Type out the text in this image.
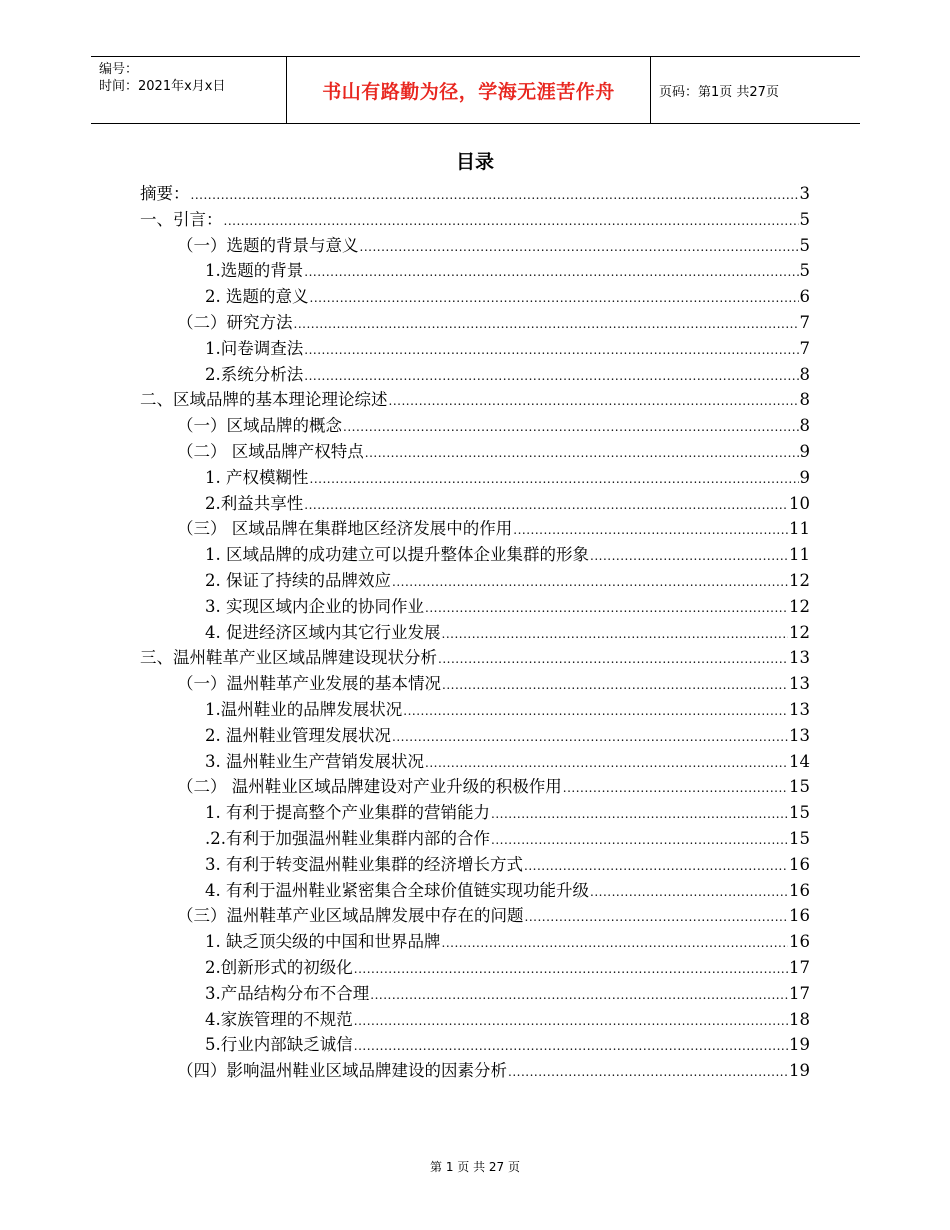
编号：
时间：2021年x月x日	书山有路勤为径，学海无涯苦作舟	页码：第1页 共27页
目录
摘要： .....	3
一、引言： .....	5
（一）选题的背景与意义 .....	5
1.选题的背景 .....	5
2. 选题的意义 .....	6
（二）研究方法 .....	7
1.问卷调查法 .....	7
2.系统分析法 .....	8
二、区域品牌的基本理论理论综述 .....	8
（一）区域品牌的概念 .....	8
（二） 区域品牌产权特点 .....	9
1. 产权模糊性 .....	9
2.利益共享性 .....	10
（三） 区域品牌在集群地区经济发展中的作用 .....	11
1. 区域品牌的成功建立可以提升整体企业集群的形象 .....	11
2. 保证了持续的品牌效应 .....	12
3. 实现区域内企业的协同作业 .....	12
4. 促进经济区域内其它行业发展 .....	12
三、温州鞋革产业区域品牌建设现状分析 .....	13
（一）温州鞋革产业发展的基本情况 .....	13
1.温州鞋业的品牌发展状况 .....	13
2. 温州鞋业管理发展状况 .....	13
3. 温州鞋业生产营销发展状况 .....	14
（二） 温州鞋业区域品牌建设对产业升级的积极作用 .....	15
1. 有利于提高整个产业集群的营销能力 .....	15
.2.有利于加强温州鞋业集群内部的合作 .....	15
3. 有利于转变温州鞋业集群的经济增长方式 .....	16
4. 有利于温州鞋业紧密集合全球价值链实现功能升级 .....	16
（三）温州鞋革产业区域品牌发展中存在的问题 .....	16
1. 缺乏顶尖级的中国和世界品牌 .....	16
2.创新形式的初级化 .....	17
3.产品结构分布不合理 .....	17
4.家族管理的不规范 .....	18
5.行业内部缺乏诚信 .....	19
（四）影响温州鞋业区域品牌建设的因素分析 .....	19
第 1 页 共 27 页
